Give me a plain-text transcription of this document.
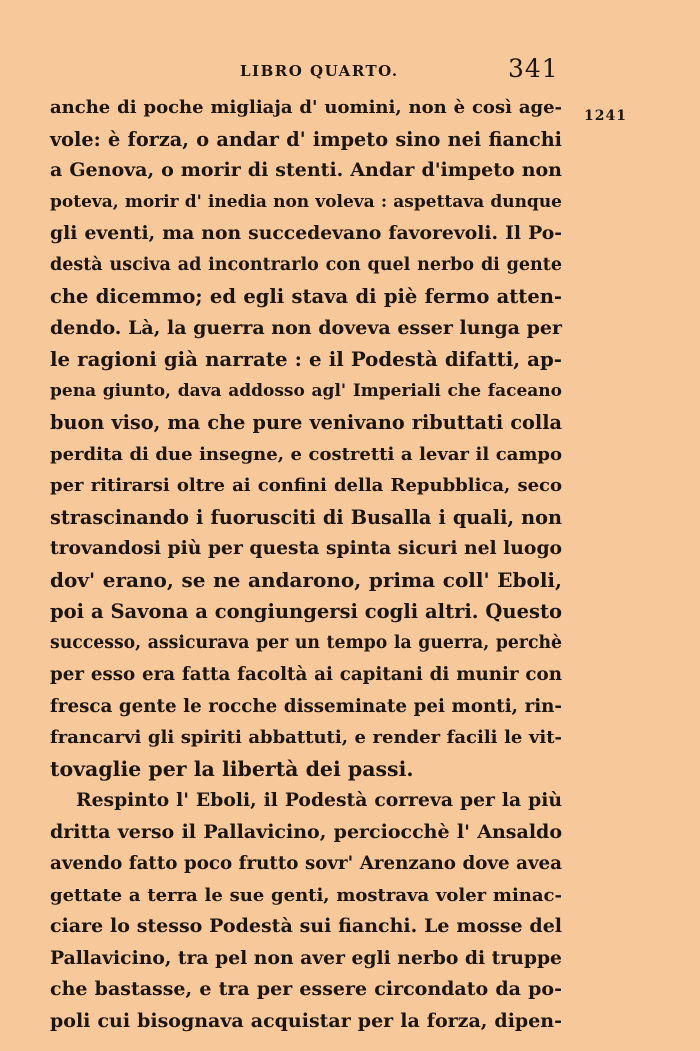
LIBRO QUARTO.	341
1241
anche di poche migliaja d' uomini, non è così age-
vole: è forza, o andar d' impeto sino nei fianchi
a Genova, o morir di stenti. Andar d'impeto non
poteva, morir d' inedia non voleva : aspettava dunque
gli eventi, ma non succedevano favorevoli. Il Po-
destà usciva ad incontrarlo con quel nerbo di gente
che dicemmo; ed egli stava di piè fermo atten-
dendo. Là, la guerra non doveva esser lunga per
le ragioni già narrate : e il Podestà difatti, ap-
pena giunto, dava addosso agl' Imperiali che faceano
buon viso, ma che pure venivano ributtati colla
perdita di due insegne, e costretti a levar il campo
per ritirarsi oltre ai confini della Repubblica, seco
strascinando i fuorusciti di Busalla i quali, non
trovandosi più per questa spinta sicuri nel luogo
dov' erano, se ne andarono, prima coll' Eboli,
poi a Savona a congiungersi cogli altri. Questo
successo, assicurava per un tempo la guerra, perchè
per esso era fatta facoltà ai capitani di munir con
fresca gente le rocche disseminate pei monti, rin-
francarvi gli spiriti abbattuti, e render facili le vit-
tovaglie per la libertà dei passi.
Respinto l' Eboli, il Podestà correva per la più
dritta verso il Pallavicino, perciocchè l' Ansaldo
avendo fatto poco frutto sovr' Arenzano dove avea
gettate a terra le sue genti, mostrava voler minac-
ciare lo stesso Podestà sui fianchi. Le mosse del
Pallavicino, tra pel non aver egli nerbo di truppe
che bastasse, e tra per essere circondato da po-
poli cui bisognava acquistar per la forza, dipen-
